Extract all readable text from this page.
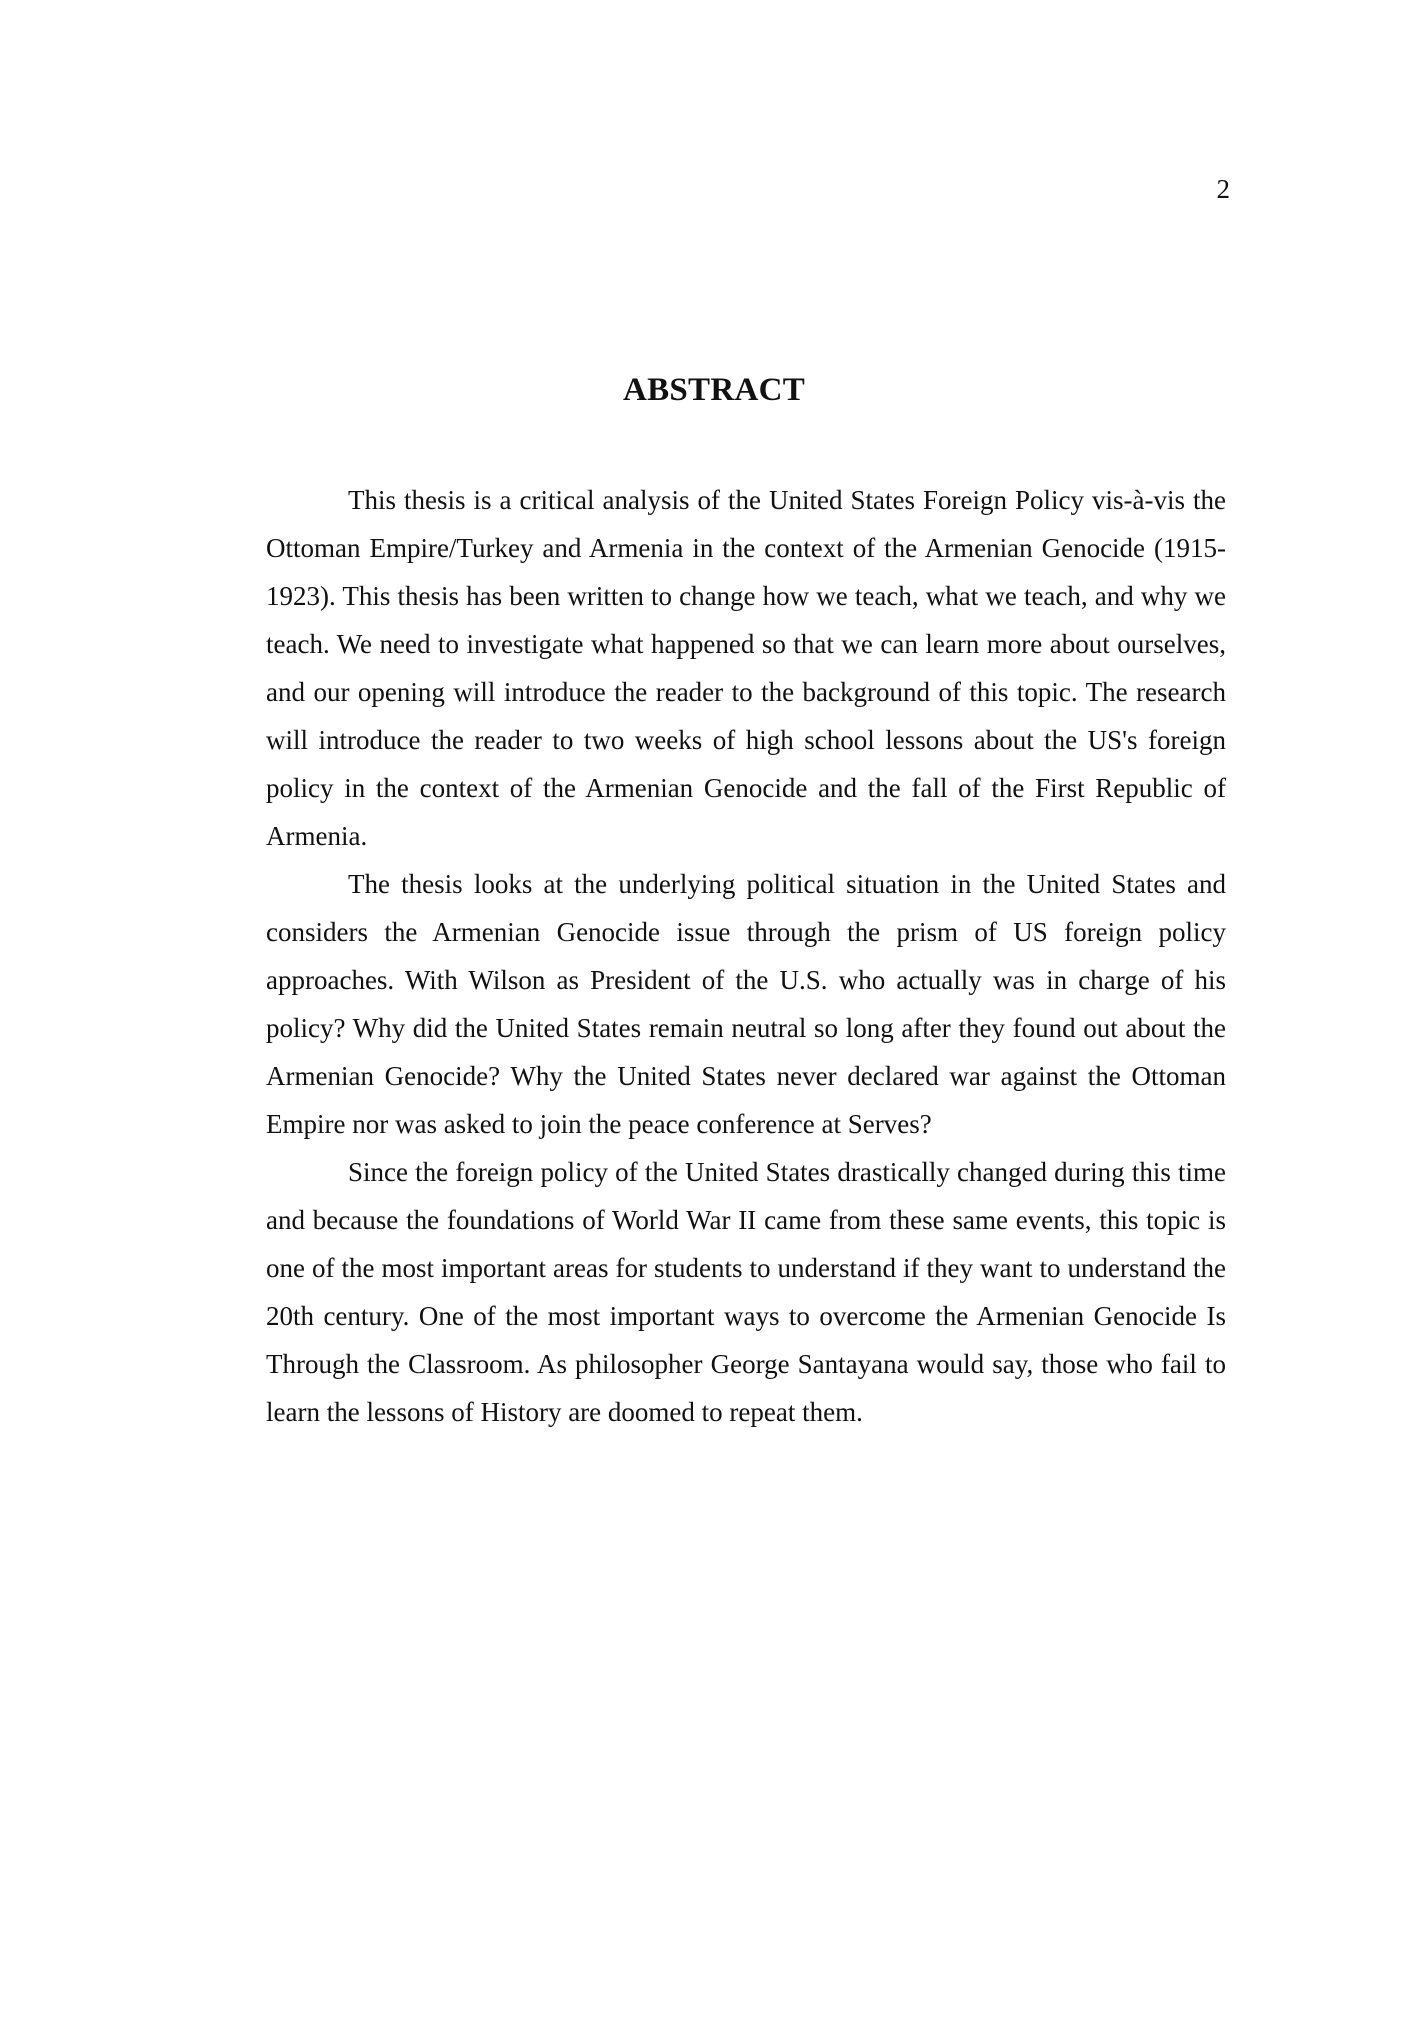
2
ABSTRACT

This thesis is a critical analysis of the United States Foreign Policy vis-à-vis the Ottoman Empire/Turkey and Armenia in the context of the Armenian Genocide (1915-1923). This thesis has been written to change how we teach, what we teach, and why we teach. We need to investigate what happened so that we can learn more about ourselves, and our opening will introduce the reader to the background of this topic. The research will introduce the reader to two weeks of high school lessons about the US's foreign policy in the context of the Armenian Genocide and the fall of the First Republic of Armenia.

The thesis looks at the underlying political situation in the United States and considers the Armenian Genocide issue through the prism of US foreign policy approaches. With Wilson as President of the U.S. who actually was in charge of his policy? Why did the United States remain neutral so long after they found out about the Armenian Genocide? Why the United States never declared war against the Ottoman Empire nor was asked to join the peace conference at Serves?

Since the foreign policy of the United States drastically changed during this time and because the foundations of World War II came from these same events, this topic is one of the most important areas for students to understand if they want to understand the 20th century. One of the most important ways to overcome the Armenian Genocide Is Through the Classroom. As philosopher George Santayana would say, those who fail to learn the lessons of History are doomed to repeat them.
